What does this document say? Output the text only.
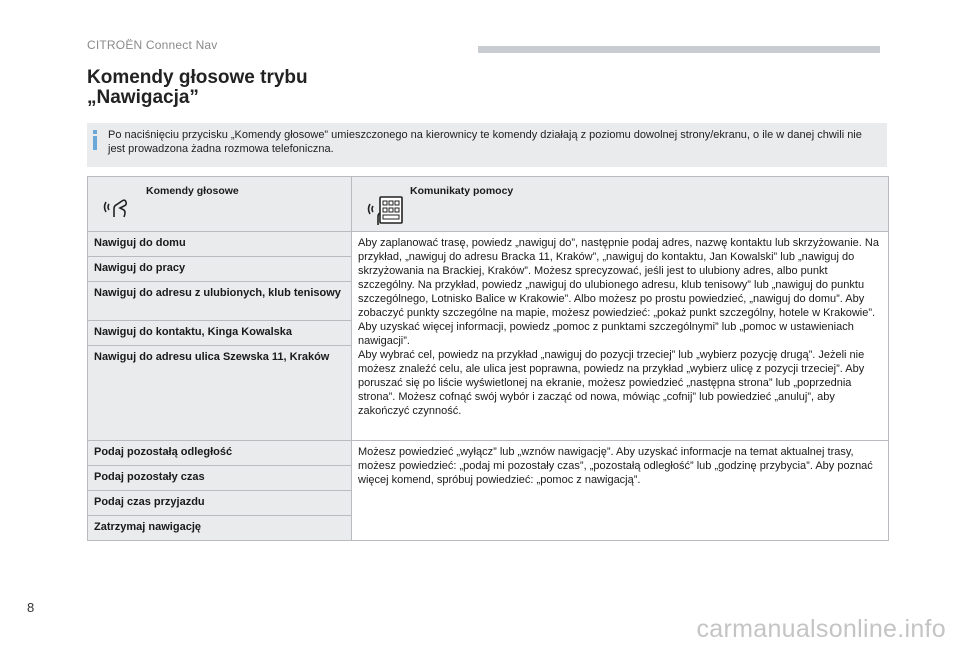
CITROËN Connect Nav
Komendy głosowe trybu
„Nawigacja”
Po naciśnięciu przycisku „Komendy głosowe” umieszczonego na kierownicy te komendy działają z poziomu dowolnej strony/ekranu, o ile w danej chwili nie jest prowadzona żadna rozmowa telefoniczna.
Komendy głosowe	Komunikaty pomocy

Nawiguj do domu	Aby zaplanować trasę, powiedz „nawiguj do”, następnie podaj adres, nazwę kontaktu lub skrzyżowanie. Na przykład, „nawiguj do adresu Bracka 11, Kraków”, „nawiguj do kontaktu, Jan Kowalski” lub „nawiguj do skrzyżowania na Brackiej, Kraków”. Możesz sprecyzować, jeśli jest to ulubiony adres, albo punkt szczególny. Na przykład, powiedz „nawiguj do ulubionego adresu, klub tenisowy” lub „nawiguj do punktu szczególnego, Lotnisko Balice w Krakowie”. Albo możesz po prostu powiedzieć, „nawiguj do domu”. Aby zobaczyć punkty szczególne na mapie, możesz powiedzieć: „pokaż punkt szczególny, hotele w Krakowie”. Aby uzyskać więcej informacji, powiedz „pomoc z punktami szczególnymi” lub „pomoc w ustawieniach nawigacji”.
Aby wybrać cel, powiedz na przykład „nawiguj do pozycji trzeciej” lub „wybierz pozycję drugą”. Jeżeli nie możesz znaleźć celu, ale ulica jest poprawna, powiedz na przykład „wybierz ulicę z pozycji trzeciej”. Aby poruszać się po liście wyświetlonej na ekranie, możesz powiedzieć „następna strona” lub „poprzednia strona”. Możesz cofnąć swój wybór i zacząć od nowa, mówiąc „cofnij” lub powiedzieć „anuluj”, aby zakończyć czynność.

Nawiguj do pracy	
Nawiguj do adresu z ulubionych, klub tenisowy	
Nawiguj do kontaktu, Kinga Kowalska	
Nawiguj do adresu ulica Szewska 11, Kraków	
Podaj pozostałą odległość	Możesz powiedzieć „wyłącz” lub „wznów nawigację”. Aby uzyskać informacje na temat aktualnej trasy, możesz powiedzieć: „podaj mi pozostały czas”, „pozostałą odległość” lub „godzinę przybycia”. Aby poznać więcej komend, spróbuj powiedzieć: „pomoc z nawigacją”.
Podaj pozostały czas	
Podaj czas przyjazdu	
Zatrzymaj nawigację	
8
carmanualsonline.info
